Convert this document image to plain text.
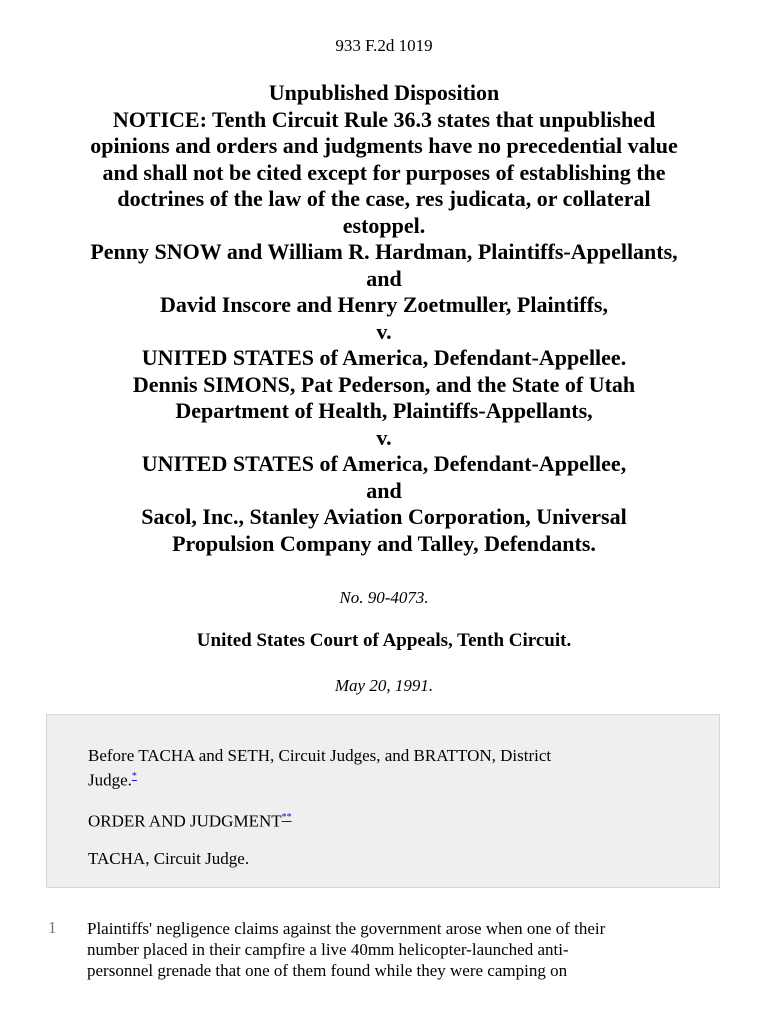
933 F.2d 1019
Unpublished Disposition
NOTICE: Tenth Circuit Rule 36.3 states that unpublished
opinions and orders and judgments have no precedential value
and shall not be cited except for purposes of establishing the
doctrines of the law of the case, res judicata, or collateral
estoppel.
Penny SNOW and William R. Hardman, Plaintiffs-Appellants,
and
David Inscore and Henry Zoetmuller, Plaintiffs,
v.
UNITED STATES of America, Defendant-Appellee.
Dennis SIMONS, Pat Pederson, and the State of Utah
Department of Health, Plaintiffs-Appellants,
v.
UNITED STATES of America, Defendant-Appellee,
and
Sacol, Inc., Stanley Aviation Corporation, Universal
Propulsion Company and Talley, Defendants.
No. 90-4073.
United States Court of Appeals, Tenth Circuit.
May 20, 1991.

Before TACHA and SETH, Circuit Judges, and BRATTON, District
Judge.*

ORDER AND JUDGMENT**

TACHA, Circuit Judge.

1 Plaintiffs' negligence claims against the government arose when one of their
number placed in their campfire a live 40mm helicopter-launched anti-
personnel grenade that one of them found while they were camping on
